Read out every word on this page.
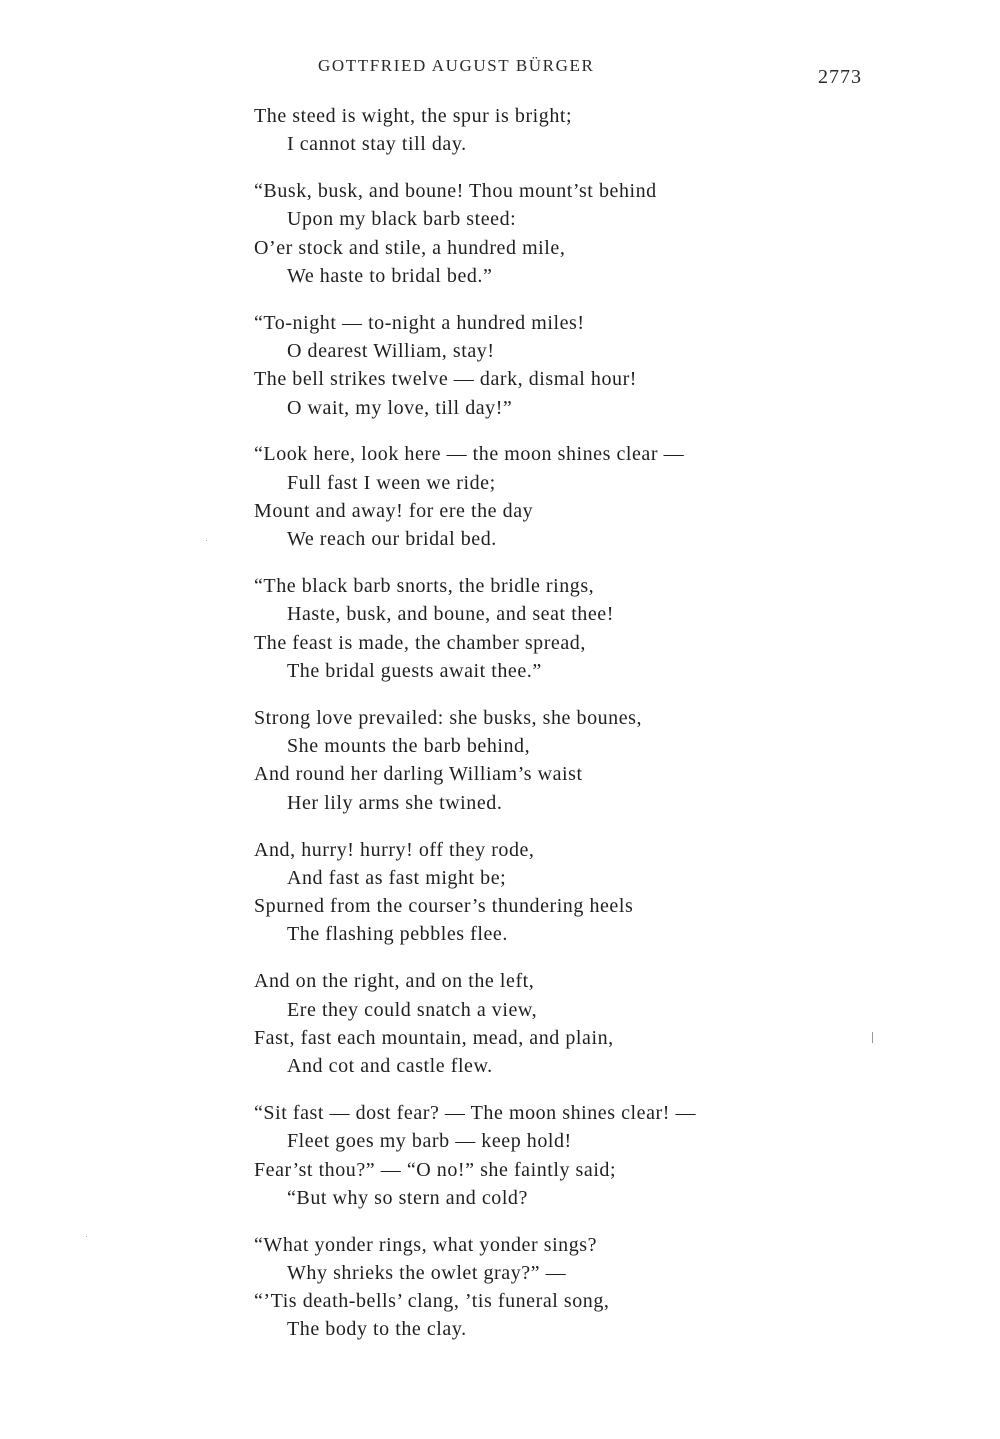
GOTTFRIED AUGUST BÜRGER
2773
The steed is wight, the spur is bright;
I cannot stay till day.
“Busk, busk, and boune! Thou mount’st behind
Upon my black barb steed:
O’er stock and stile, a hundred mile,
We haste to bridal bed.”
“To-night — to-night a hundred miles!
O dearest William, stay!
The bell strikes twelve — dark, dismal hour!
O wait, my love, till day!”
“Look here, look here — the moon shines clear —
Full fast I ween we ride;
Mount and away! for ere the day
We reach our bridal bed.
“The black barb snorts, the bridle rings,
Haste, busk, and boune, and seat thee!
The feast is made, the chamber spread,
The bridal guests await thee.”
Strong love prevailed: she busks, she bounes,
She mounts the barb behind,
And round her darling William’s waist
Her lily arms she twined.
And, hurry! hurry! off they rode,
And fast as fast might be;
Spurned from the courser’s thundering heels
The flashing pebbles flee.
And on the right, and on the left,
Ere they could snatch a view,
Fast, fast each mountain, mead, and plain,
And cot and castle flew.
“Sit fast — dost fear? — The moon shines clear! —
Fleet goes my barb — keep hold!
Fear’st thou?” — “O no!” she faintly said;
“But why so stern and cold?
“What yonder rings, what yonder sings?
Why shrieks the owlet gray?” —
“’Tis death-bells’ clang, ’tis funeral song,
The body to the clay.
